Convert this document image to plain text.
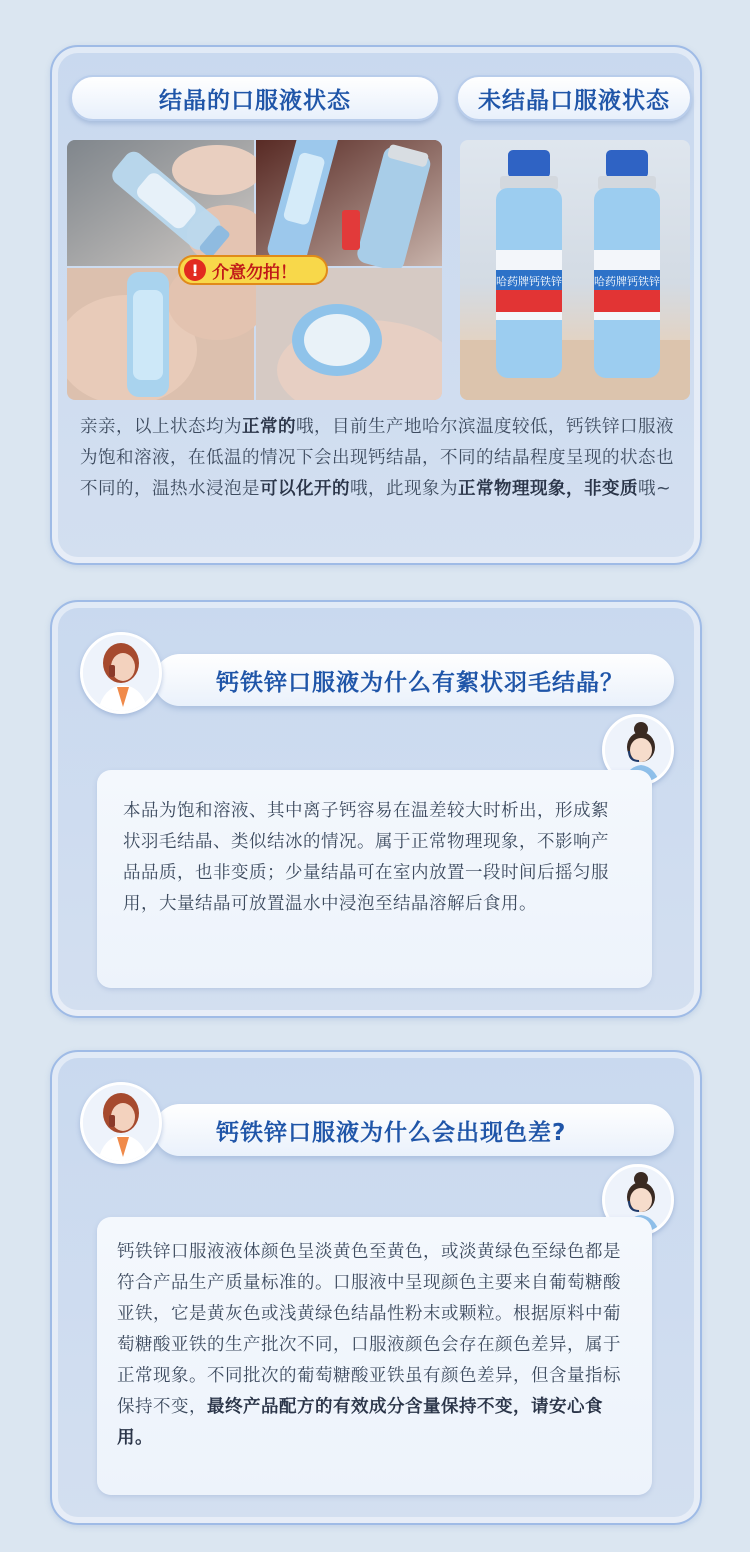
结晶的口服液状态	未结晶口服液状态
! 介意勿拍！	哈药牌钙铁锌	哈药牌钙铁锌
亲亲，以上状态均为正常的哦，目前生产地哈尔滨温度较低，钙铁锌口服液为饱和溶液，在低温的情况下会出现钙结晶，不同的结晶程度呈现的状态也不同的，温热水浸泡是可以化开的哦，此现象为正常物理现象，非变质哦~
钙铁锌口服液为什么有絮状羽毛结晶？
本品为饱和溶液、其中离子钙容易在温差较大时析出，形成絮状羽毛结晶、类似结冰的情况。属于正常物理现象，不影响产品品质，也非变质；少量结晶可在室内放置一段时间后摇匀服用，大量结晶可放置温水中浸泡至结晶溶解后食用。
钙铁锌口服液为什么会出现色差?
钙铁锌口服液液体颜色呈淡黄色至黄色，或淡黄绿色至绿色都是符合产品生产质量标准的。口服液中呈现颜色主要来自葡萄糖酸亚铁，它是黄灰色或浅黄绿色结晶性粉末或颗粒。根据原料中葡萄糖酸亚铁的生产批次不同，口服液颜色会存在颜色差异，属于正常现象。不同批次的葡萄糖酸亚铁虽有颜色差异，但含量指标保持不变，最终产品配方的有效成分含量保持不变，请安心食用。
